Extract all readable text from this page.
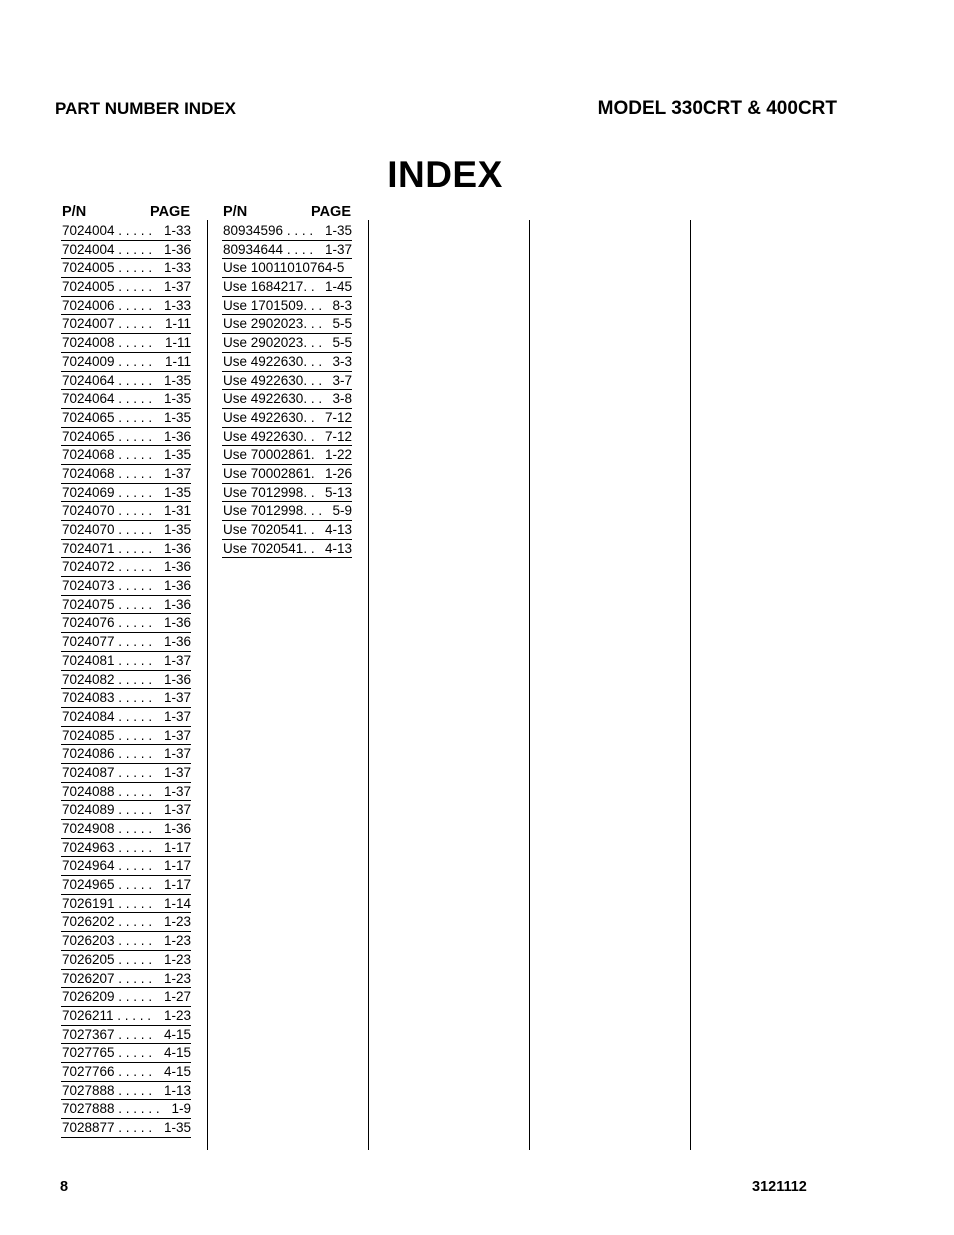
PART NUMBER INDEX	MODEL 330CRT & 400CRT
INDEX
P/N	PAGE
7024004 . . . . . 1-33
7024004 . . . . . 1-36
7024005 . . . . . 1-33
7024005 . . . . . 1-37
7024006 . . . . . 1-33
7024007 . . . . . 1-11
7024008 . . . . . 1-11
7024009 . . . . . 1-11
7024064 . . . . . 1-35
7024064 . . . . . 1-35
7024065 . . . . . 1-35
7024065 . . . . . 1-36
7024068 . . . . . 1-35
7024068 . . . . . 1-37
7024069 . . . . . 1-35
7024070 . . . . . 1-31
7024070 . . . . . 1-35
7024071 . . . . . 1-36
7024072 . . . . . 1-36
7024073 . . . . . 1-36
7024075 . . . . . 1-36
7024076 . . . . . 1-36
7024077 . . . . . 1-36
7024081 . . . . . 1-37
7024082 . . . . . 1-36
7024083 . . . . . 1-37
7024084 . . . . . 1-37
7024085 . . . . . 1-37
7024086 . . . . . 1-37
7024087 . . . . . 1-37
7024088 . . . . . 1-37
7024089 . . . . . 1-37
7024908 . . . . . 1-36
7024963 . . . . . 1-17
7024964 . . . . . 1-17
7024965 . . . . . 1-17
7026191 . . . . . 1-14
7026202 . . . . . 1-23
7026203 . . . . . 1-23
7026205 . . . . . 1-23
7026207 . . . . . 1-23
7026209 . . . . . 1-27
7026211 . . . . . 1-23
7027367 . . . . . 4-15
7027765 . . . . . 4-15
7027766 . . . . . 4-15
7027888 . . . . . 1-13
7027888 . . . . . . 1-9
7028877 . . . . . 1-35
P/N	PAGE
80934596 . . . . 1-35
80934644 . . . . 1-37
Use 10011010764-5
Use 1684217. . 1-45
Use 1701509. . . 8-3
Use 2902023. . . 5-5
Use 2902023. . . 5-5
Use 4922630. . . 3-3
Use 4922630. . . 3-7
Use 4922630. . . 3-8
Use 4922630. . 7-12
Use 4922630. . 7-12
Use 70002861. 1-22
Use 70002861. 1-26
Use 7012998. . 5-13
Use 7012998. . . 5-9
Use 7020541. . 4-13
Use 7020541. . 4-13
8	3121112
